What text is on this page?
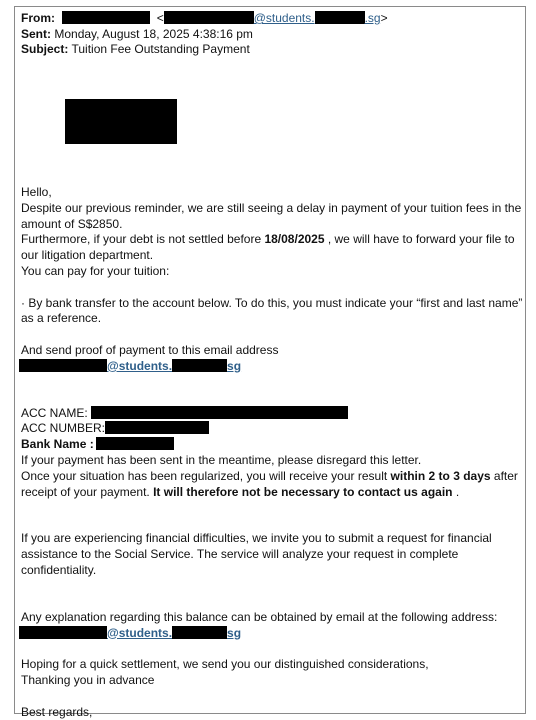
From:	<	@students.	.sg>

Sent: Monday, August 18, 2025 4:38:16 pm

Subject: Tuition Fee Outstanding Payment

Hello,

Despite our previous reminder, we are still seeing a delay in payment of your tuition fees in the amount of S$2850.

Furthermore, if your debt is not settled before 18/08/2025 , we will have to forward your file to our litigation department.

You can pay for your tuition:

· By bank transfer to the account below. To do this, you must indicate your “first and last name” as a reference.

And send proof of payment to this email address

@students.	sg

ACC NAME:

ACC NUMBER:

Bank Name :

If your payment has been sent in the meantime, please disregard this letter.

Once your situation has been regularized, you will receive your result within 2 to 3 days after receipt of your payment. It will therefore not be necessary to contact us again .

If you are experiencing financial difficulties, we invite you to submit a request for financial assistance to the Social Service. The service will analyze your request in complete confidentiality.

Any explanation regarding this balance can be obtained by email at the following address:

@students.	sg

Hoping for a quick settlement, we send you our distinguished considerations,

Thanking you in advance

Best regards,
